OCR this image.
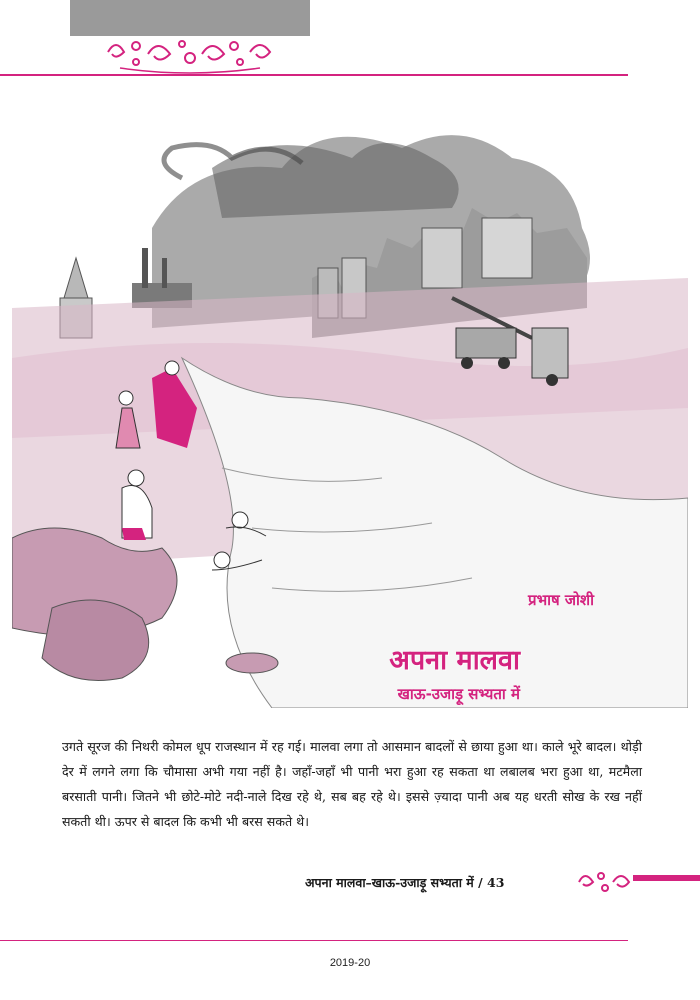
प्रभाष जोशी
अपना मालवा
खाऊ-उजाड़ू सभ्यता में
उगते सूरज की निथरी कोमल धूप राजस्थान में रह गई। मालवा लगा तो आसमान बादलों से छाया हुआ था। काले भूरे बादल। थोड़ी देर में लगने लगा कि चौमासा अभी गया नहीं है। जहाँ-जहाँ भी पानी भरा हुआ रह सकता था लबालब भरा हुआ था, मटमैला बरसाती पानी। जितने भी छोटे-मोटे नदी-नाले दिख रहे थे, सब बह रहे थे। इससे ज़्यादा पानी अब यह धरती सोख के रख नहीं सकती थी। ऊपर से बादल कि कभी भी बरस सकते थे।
अपना मालवा–खाऊ-उजाड़ू सभ्यता में / 43
2019-20
